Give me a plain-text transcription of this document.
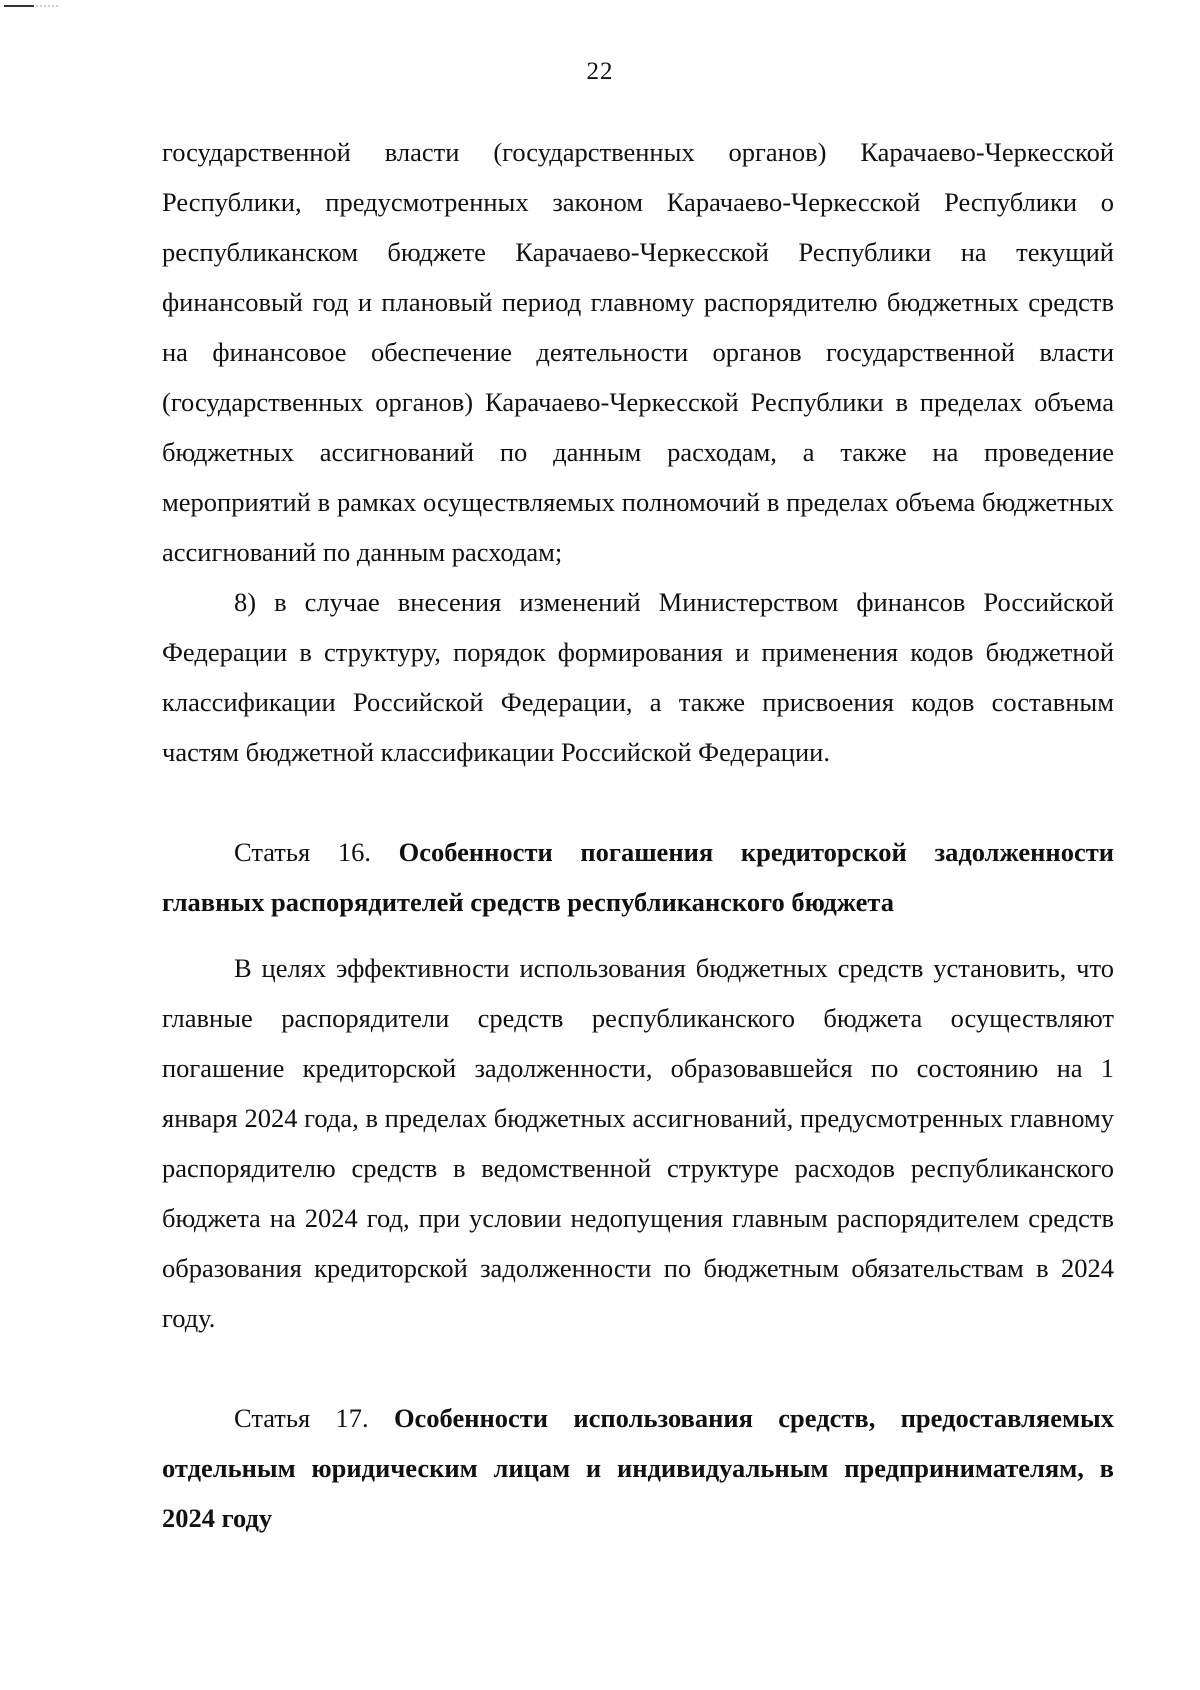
22

государственной власти (государственных органов) Карачаево-Черкесской Республики, предусмотренных законом Карачаево-Черкесской Республики о республиканском бюджете Карачаево-Черкесской Республики на текущий финансовый год и плановый период главному распорядителю бюджетных средств на финансовое обеспечение деятельности органов государственной власти (государственных органов) Карачаево-Черкесской Республики в пределах объема бюджетных ассигнований по данным расходам, а также на проведение мероприятий в рамках осуществляемых полномочий в пределах объема бюджетных ассигнований по данным расходам;

8) в случае внесения изменений Министерством финансов Российской Федерации в структуру, порядок формирования и применения кодов бюджетной классификации Российской Федерации, а также присвоения кодов составным частям бюджетной классификации Российской Федерации.

Статья 16. Особенности погашения кредиторской задолженности главных распорядителей средств республиканского бюджета

В целях эффективности использования бюджетных средств установить, что главные распорядители средств республиканского бюджета осуществляют погашение кредиторской задолженности, образовавшейся по состоянию на 1 января 2024 года, в пределах бюджетных ассигнований, предусмотренных главному распорядителю средств в ведомственной структуре расходов республиканского бюджета на 2024 год, при условии недопущения главным распорядителем средств образования кредиторской задолженности по бюджетным обязательствам в 2024 году.

Статья 17. Особенности использования средств, предоставляемых отдельным юридическим лицам и индивидуальным предпринимателям, в 2024 году
